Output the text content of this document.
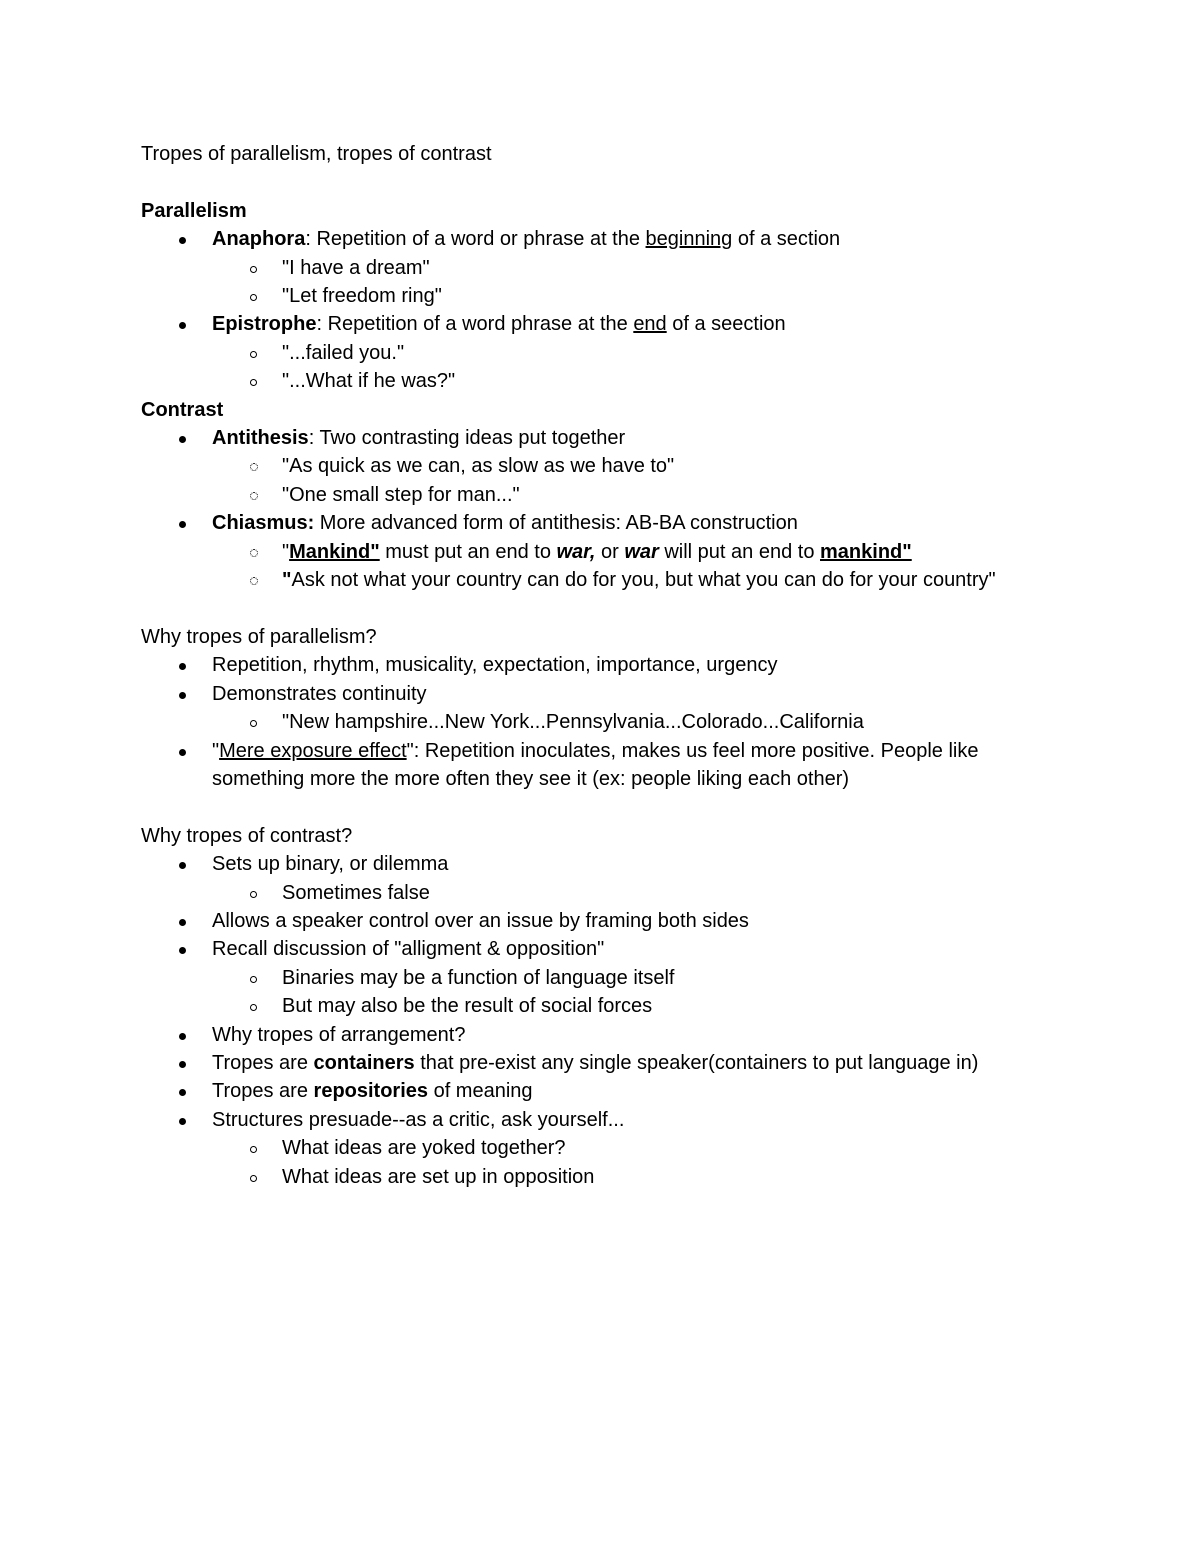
Tropes of parallelism, tropes of contrast
Parallelism
Anaphora: Repetition of a word or phrase at the beginning of a section
"I have a dream"
"Let freedom ring"
Epistrophe: Repetition of a word phrase at the end of a seection
"...failed you."
"...What if he was?"
Contrast
Antithesis: Two contrasting ideas put together
"As quick as we can, as slow as we have to"
"One small step for man..."
Chiasmus: More advanced form of antithesis: AB-BA construction
"Mankind" must put an end to war, or war will put an end to mankind"
"Ask not what your country can do for you, but what you can do for your country"
Why tropes of parallelism?
Repetition, rhythm, musicality, expectation, importance, urgency
Demonstrates continuity
"New hampshire...New York...Pennsylvania...Colorado...California
"Mere exposure effect": Repetition inoculates, makes us feel more positive. People like
something more the more often they see it (ex: people liking each other)
Why tropes of contrast?
Sets up binary, or dilemma
Sometimes false
Allows a speaker control over an issue by framing both sides
Recall discussion of "alligment & opposition"
Binaries may be a function of language itself
But may also be the result of social forces
Why tropes of arrangement?
Tropes are containers that pre-exist any single speaker(containers to put language in)
Tropes are repositories of meaning
Structures presuade--as a critic, ask yourself...
What ideas are yoked together?
What ideas are set up in opposition
